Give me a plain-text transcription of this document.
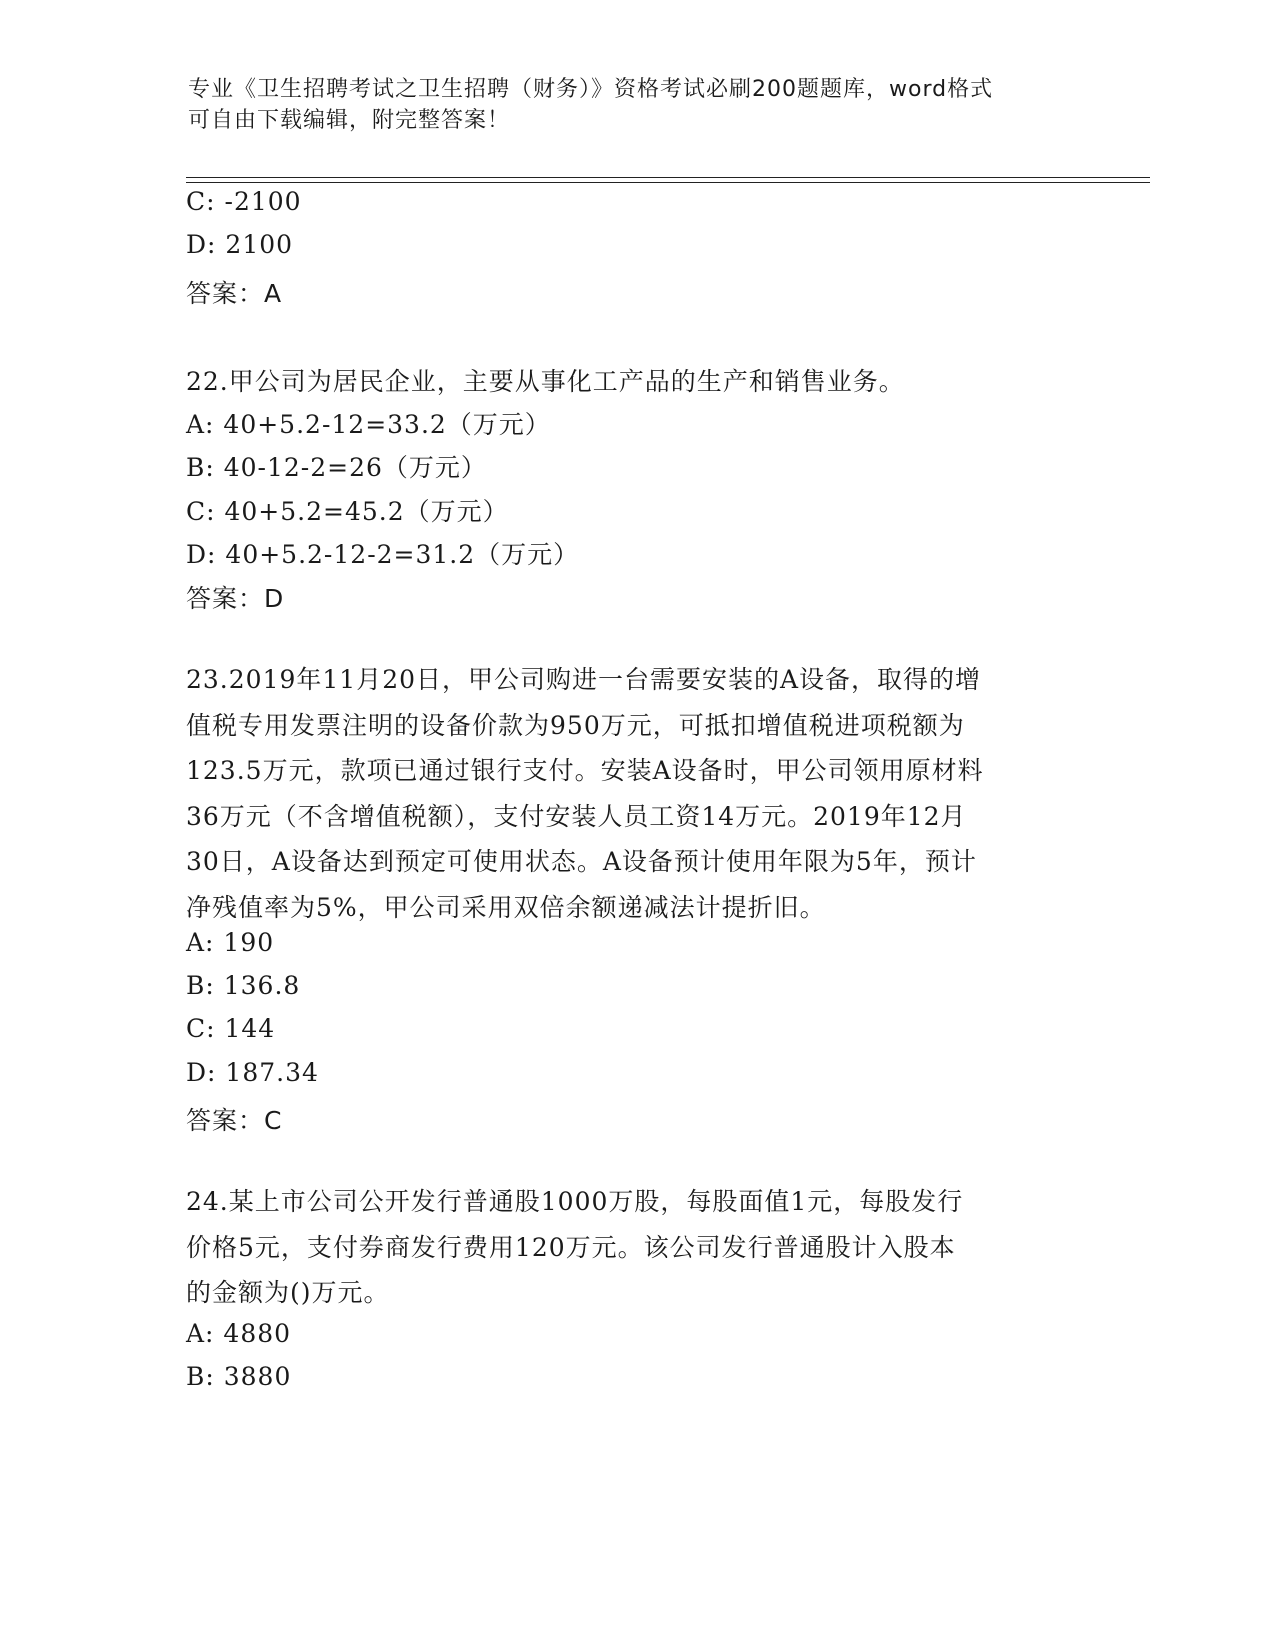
专业《卫生招聘考试之卫生招聘（财务）》资格考试必刷200题题库，word格式
可自由下载编辑，附完整答案！
C: -2100
D: 2100
答案：A
22.甲公司为居民企业，主要从事化工产品的生产和销售业务。
A: 40+5.2-12=33.2（万元）
B: 40-12-2=26（万元）
C: 40+5.2=45.2（万元）
D: 40+5.2-12-2=31.2（万元）
答案：D
23.2019年11月20日，甲公司购进一台需要安装的A设备，取得的增
值税专用发票注明的设备价款为950万元，可抵扣增值税进项税额为
123.5万元，款项已通过银行支付。安装A设备时，甲公司领用原材料
36万元（不含增值税额），支付安装人员工资14万元。2019年12月
30日，A设备达到预定可使用状态。A设备预计使用年限为5年，预计
净残值率为5%，甲公司采用双倍余额递减法计提折旧。
A: 190
B: 136.8
C: 144
D: 187.34
答案：C
24.某上市公司公开发行普通股1000万股，每股面值1元，每股发行
价格5元，支付券商发行费用120万元。该公司发行普通股计入股本
的金额为()万元。
A: 4880
B: 3880
